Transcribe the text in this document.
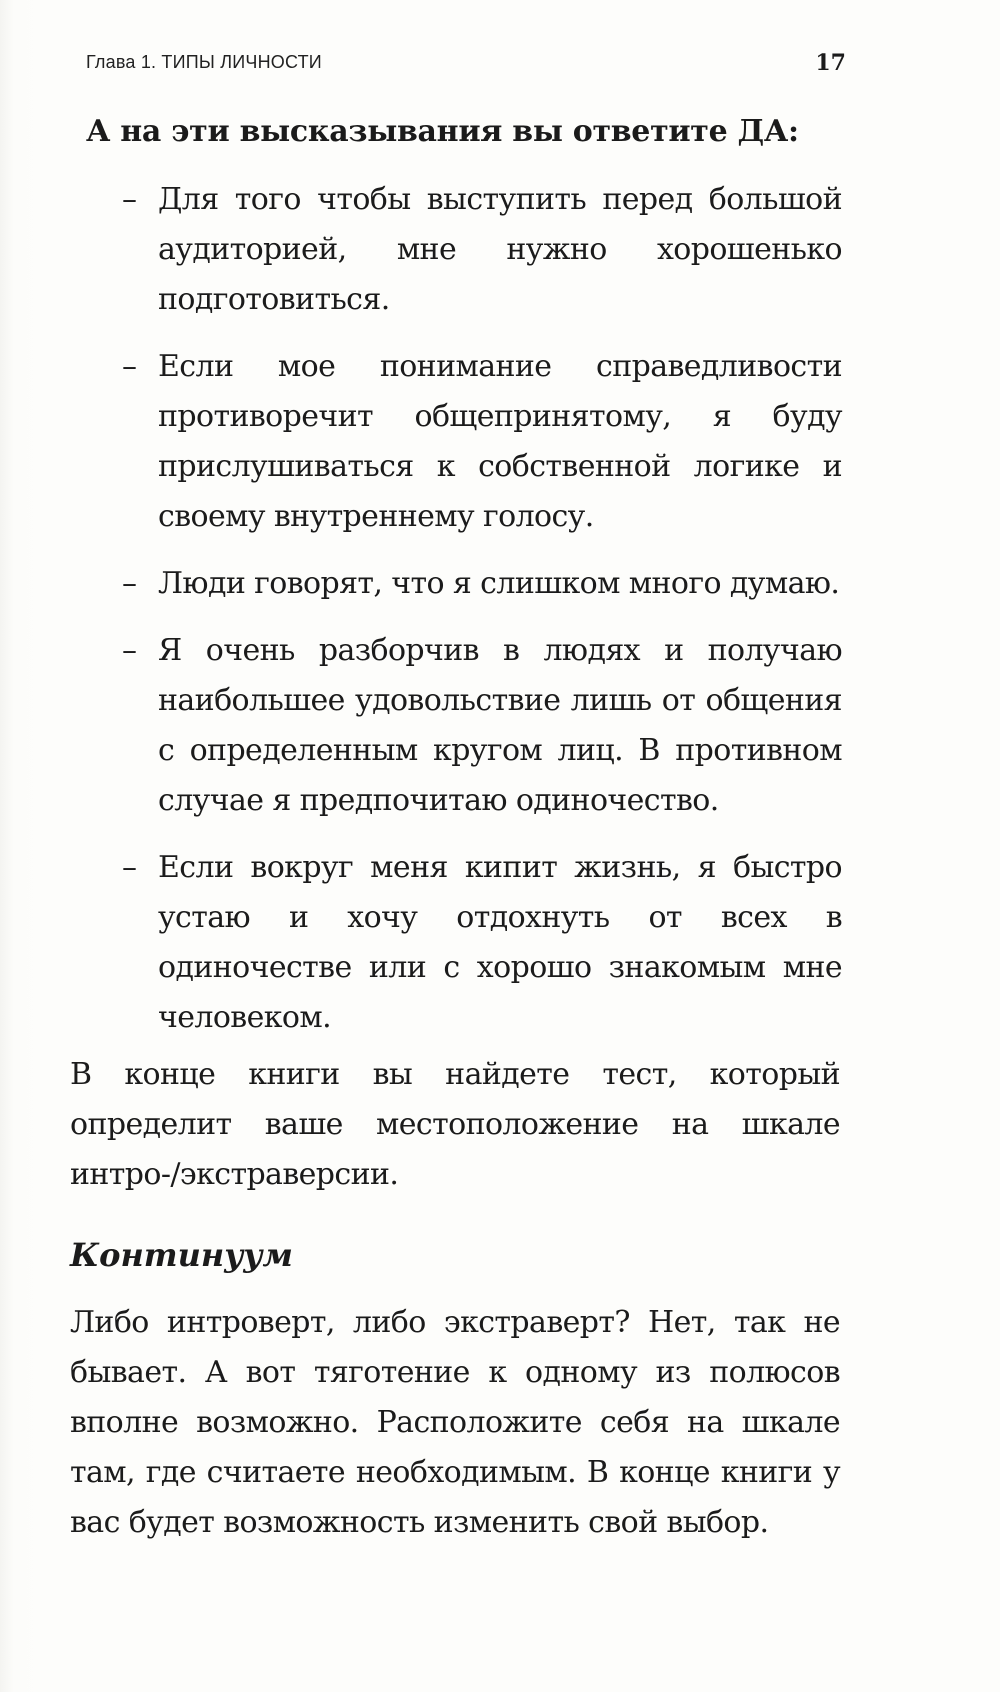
Глава 1. ТИПЫ ЛИЧНОСТИ	17

А на эти высказывания вы ответите ДА:

– Для того чтобы выступить перед большой аудиторией, мне нужно хорошенько подготовиться.
– Если мое понимание справедливости противоречит общепринятому, я буду прислушиваться к собственной логике и своему внутреннему голосу.
– Люди говорят, что я слишком много думаю.
– Я очень разборчив в людях и получаю наибольшее удовольствие лишь от общения с определенным кругом лиц. В противном случае я предпочитаю одиночество.
– Если вокруг меня кипит жизнь, я быстро устаю и хочу отдохнуть от всех в одиночестве или с хорошо знакомым мне человеком.

В конце книги вы найдете тест, который определит ваше местоположение на шкале интро-/экстраверсии.

Континуум

Либо интроверт, либо экстраверт? Нет, так не бывает. А вот тяготение к одному из полюсов вполне возможно. Расположите себя на шкале там, где считаете необходимым. В конце книги у вас будет возможность изменить свой выбор.
